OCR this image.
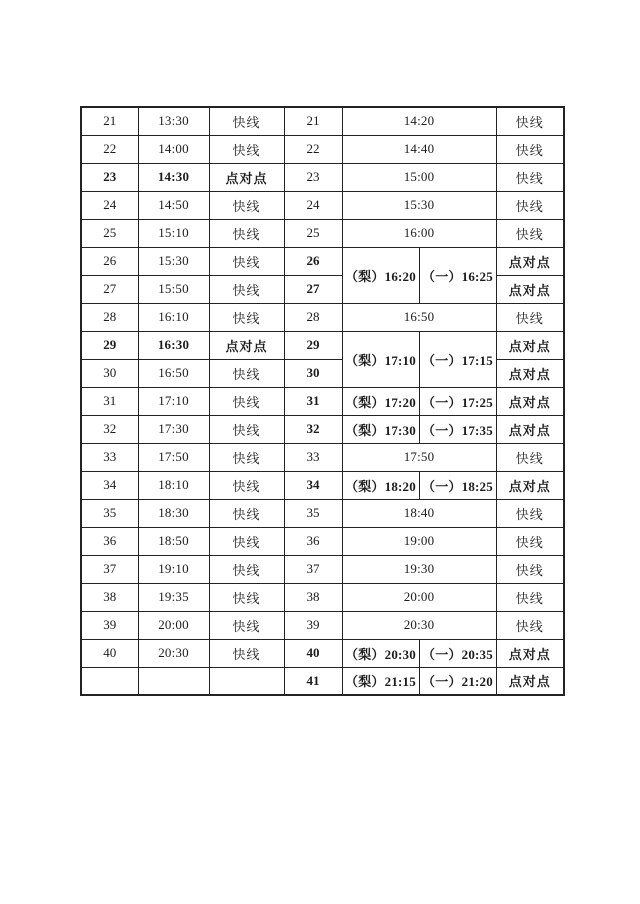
21	13:30	快线	21	14:20		快线
22	14:00	快线	22	14:40		快线
23	14:30	点对点	23	15:00		快线
24	14:50	快线	24	15:30		快线
25	15:10	快线	25	16:00		快线
26	15:30	快线	26	（梨）16:20	（一）16:25	点对点
27	15:50	快线	27			点对点
28	16:10	快线	28	16:50		快线
29	16:30	点对点	29	（梨）17:10	（一）17:15	点对点
30	16:50	快线	30			点对点
31	17:10	快线	31	（梨）17:20	（一）17:25	点对点
32	17:30	快线	32	（梨）17:30	（一）17:35	点对点
33	17:50	快线	33	17:50		快线
34	18:10	快线	34	（梨）18:20	（一）18:25	点对点
35	18:30	快线	35	18:40		快线
36	18:50	快线	36	19:00		快线
37	19:10	快线	37	19:30		快线
38	19:35	快线	38	20:00		快线
39	20:00	快线	39	20:30		快线
40	20:30	快线	40	（梨）20:30	（一）20:35	点对点
			41	（梨）21:15	（一）21:20	点对点
